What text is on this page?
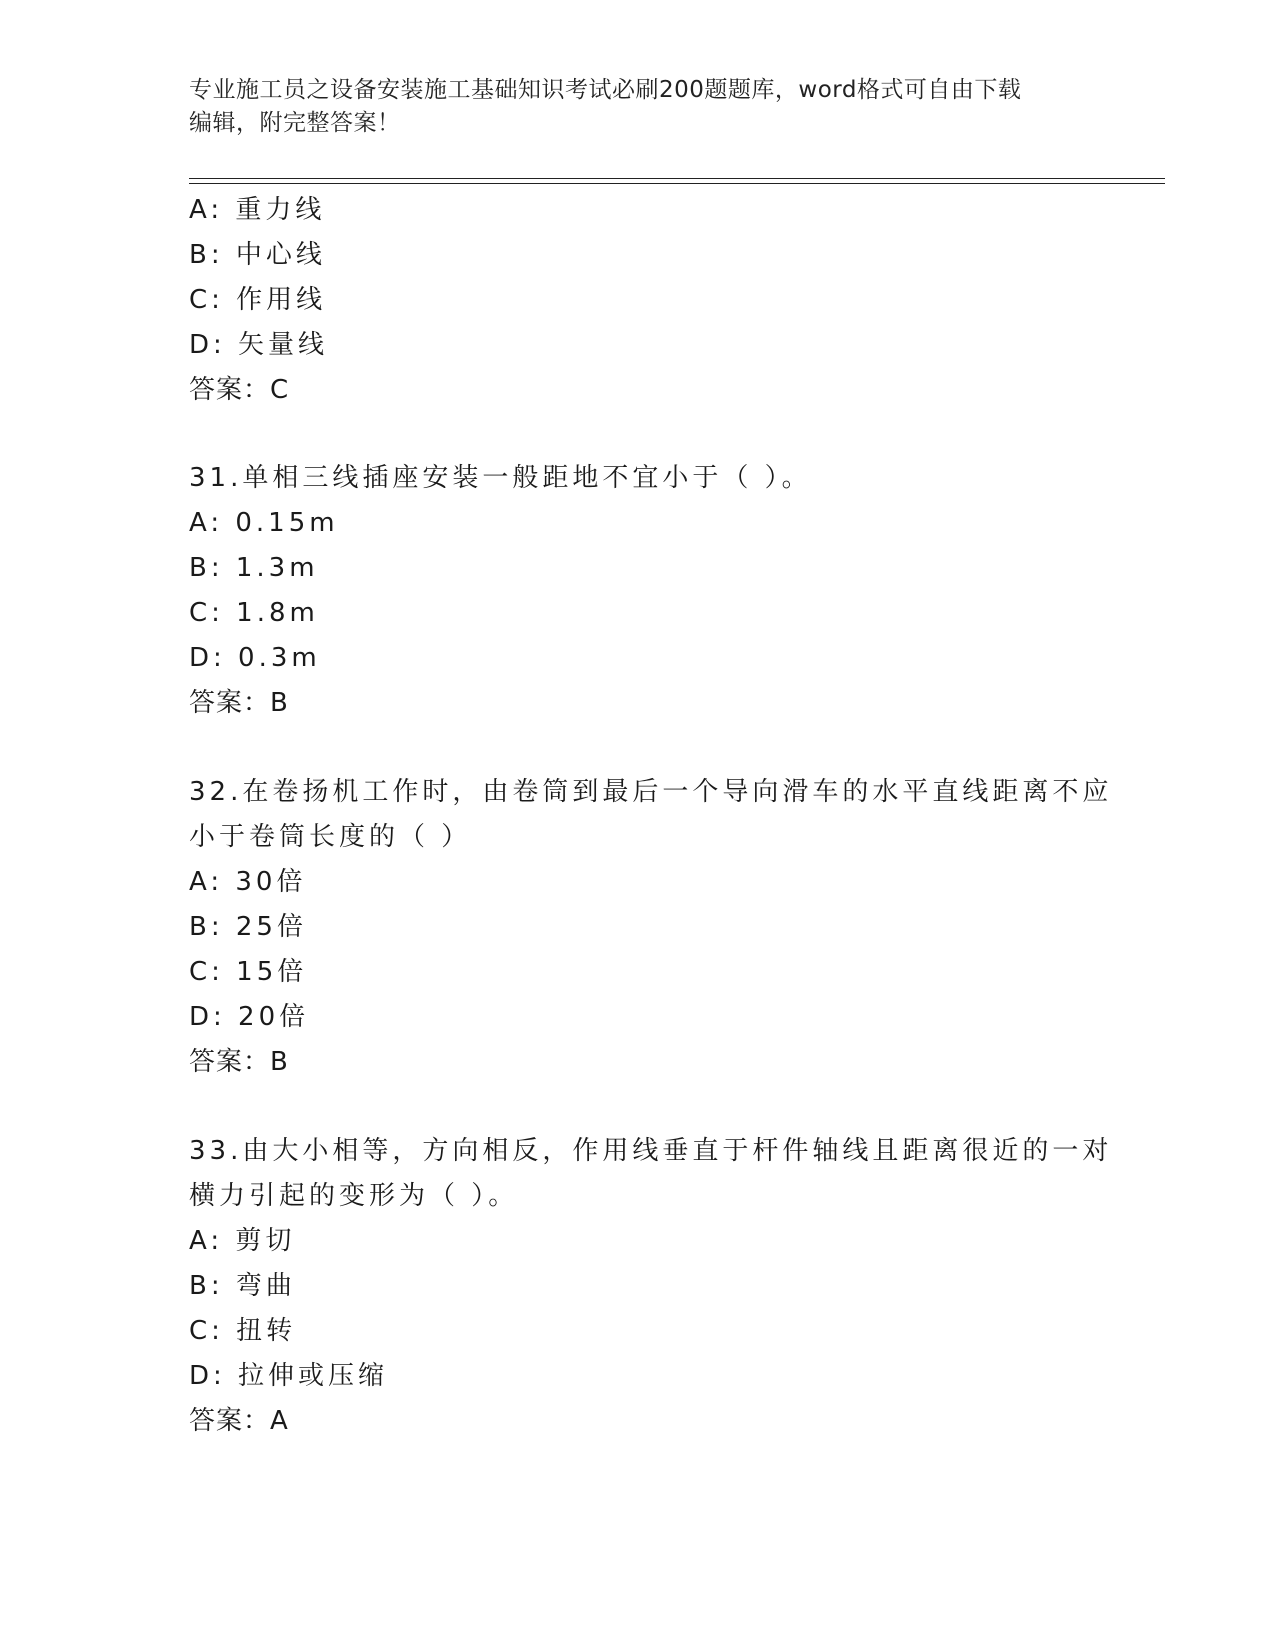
专业施工员之设备安装施工基础知识考试必刷200题题库，word格式可自由下载
编辑，附完整答案！
A: 重力线
B: 中心线
C: 作用线
D: 矢量线
答案：C
31.单相三线插座安装一般距地不宜小于（ ）。
A: 0.15m
B: 1.3m
C: 1.8m
D: 0.3m
答案：B
32.在卷扬机工作时，由卷筒到最后一个导向滑车的水平直线距离不应
小于卷筒长度的（ ）
A: 30倍
B: 25倍
C: 15倍
D: 20倍
答案：B
33.由大小相等，方向相反，作用线垂直于杆件轴线且距离很近的一对
横力引起的变形为（ ）。
A: 剪切
B: 弯曲
C: 扭转
D: 拉伸或压缩
答案：A
